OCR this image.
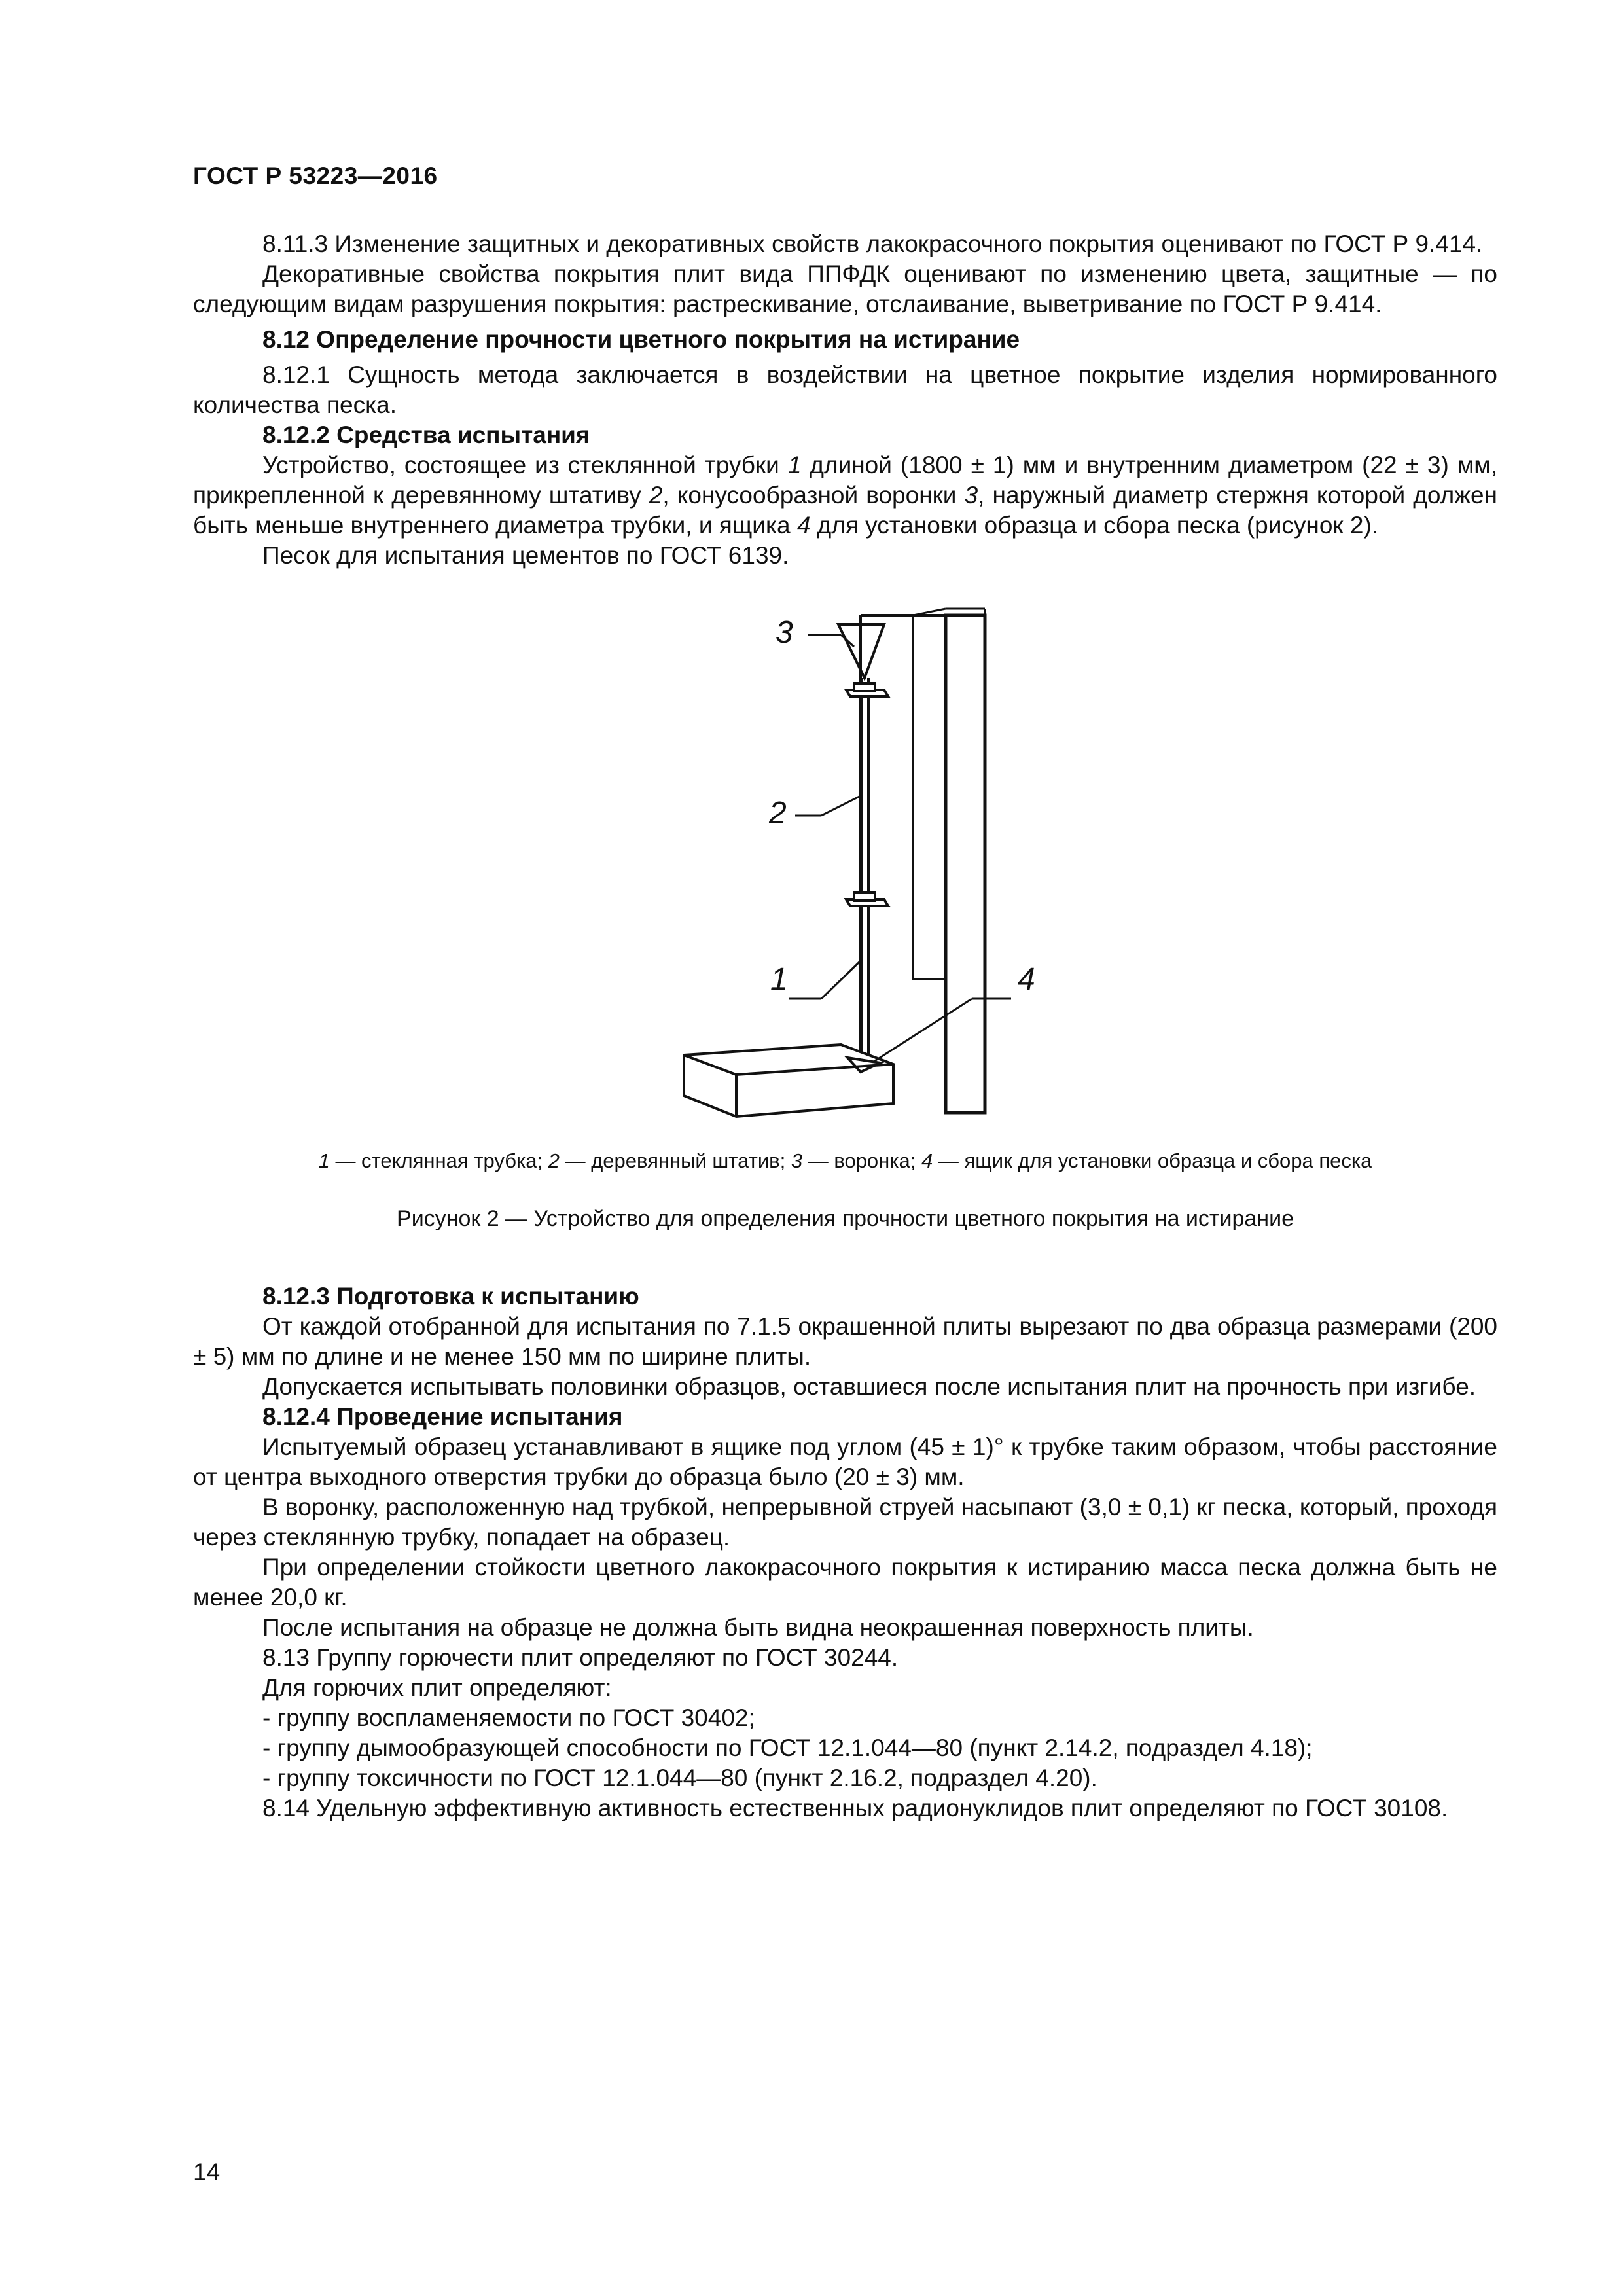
ГОСТ Р 53223—2016

8.11.3 Изменение защитных и декоративных свойств лакокрасочного покрытия оценивают по ГОСТ Р 9.414.

Декоративные свойства покрытия плит вида ППФДК оценивают по изменению цвета, защитные — по следующим видам разрушения покрытия: растрескивание, отслаивание, выветривание по ГОСТ Р 9.414.

8.12 Определение прочности цветного покрытия на истирание

8.12.1 Сущность метода заключается в воздействии на цветное покрытие изделия нормированного количества песка.

8.12.2 Средства испытания

Устройство, состоящее из стеклянной трубки 1 длиной (1800 ± 1) мм и внутренним диаметром (22 ± 3) мм, прикрепленной к деревянному штативу 2, конусообразной воронки 3, наружный диаметр стержня которой должен быть меньше внутреннего диаметра трубки, и ящика 4 для установки образца и сбора песка (рисунок 2).

Песок для испытания цементов по ГОСТ 6139.

3
2
1	4
1 — стеклянная трубка; 2 — деревянный штатив; 3 — воронка; 4 — ящик для установки образца и сбора песка
Рисунок 2 — Устройство для определения прочности цветного покрытия на истирание

8.12.3 Подготовка к испытанию

От каждой отобранной для испытания по 7.1.5 окрашенной плиты вырезают по два образца размерами (200 ± 5) мм по длине и не менее 150 мм по ширине плиты.

Допускается испытывать половинки образцов, оставшиеся после испытания плит на прочность при изгибе.

8.12.4 Проведение испытания

Испытуемый образец устанавливают в ящике под углом (45 ± 1)° к трубке таким образом, чтобы расстояние от центра выходного отверстия трубки до образца было (20 ± 3) мм.

В воронку, расположенную над трубкой, непрерывной струей насыпают (3,0 ± 0,1) кг песка, который, проходя через стеклянную трубку, попадает на образец.

При определении стойкости цветного лакокрасочного покрытия к истиранию масса песка должна быть не менее 20,0 кг.

После испытания на образце не должна быть видна неокрашенная поверхность плиты.

8.13 Группу горючести плит определяют по ГОСТ 30244.

Для горючих плит определяют:

- группу воспламеняемости по ГОСТ 30402;

- группу дымообразующей способности по ГОСТ 12.1.044—80 (пункт 2.14.2, подраздел 4.18);

- группу токсичности по ГОСТ 12.1.044—80 (пункт 2.16.2, подраздел 4.20).

8.14 Удельную эффективную активность естественных радионуклидов плит определяют по ГОСТ 30108.

14
